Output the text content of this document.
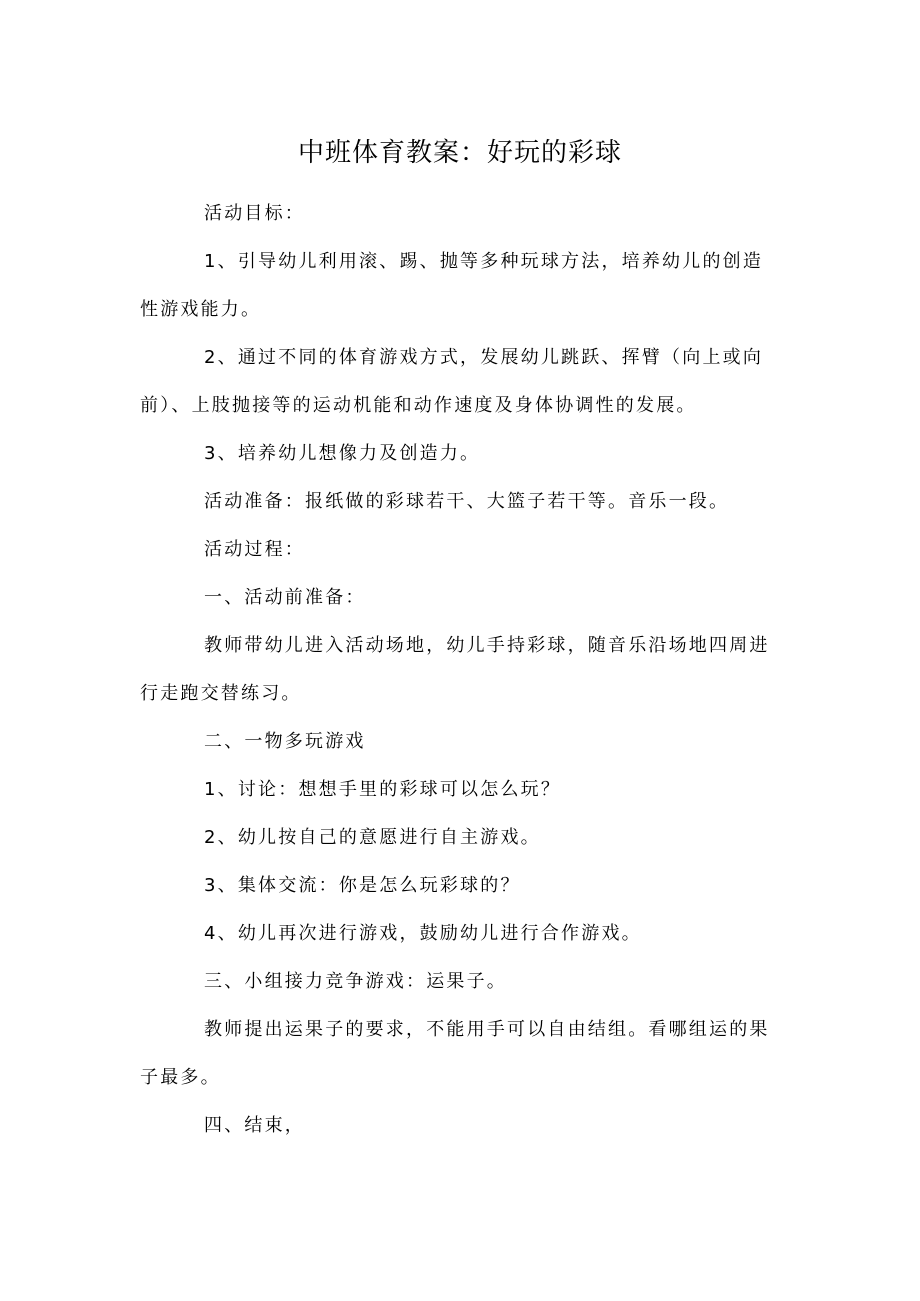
中班体育教案：好玩的彩球

活动目标：

1、引导幼儿利用滚、踢、抛等多种玩球方法，培养幼儿的创造性游戏能力。

2、通过不同的体育游戏方式，发展幼儿跳跃、挥臂（向上或向前）、上肢抛接等的运动机能和动作速度及身体协调性的发展。

3、培养幼儿想像力及创造力。

活动准备：报纸做的彩球若干、大篮子若干等。音乐一段。

活动过程：

一、活动前准备：

教师带幼儿进入活动场地，幼儿手持彩球，随音乐沿场地四周进行走跑交替练习。

二、一物多玩游戏

1、讨论：想想手里的彩球可以怎么玩？

2、幼儿按自己的意愿进行自主游戏。

3、集体交流：你是怎么玩彩球的？

4、幼儿再次进行游戏，鼓励幼儿进行合作游戏。

三、小组接力竞争游戏：运果子。

教师提出运果子的要求，不能用手可以自由结组。看哪组运的果子最多。

四、结束，
